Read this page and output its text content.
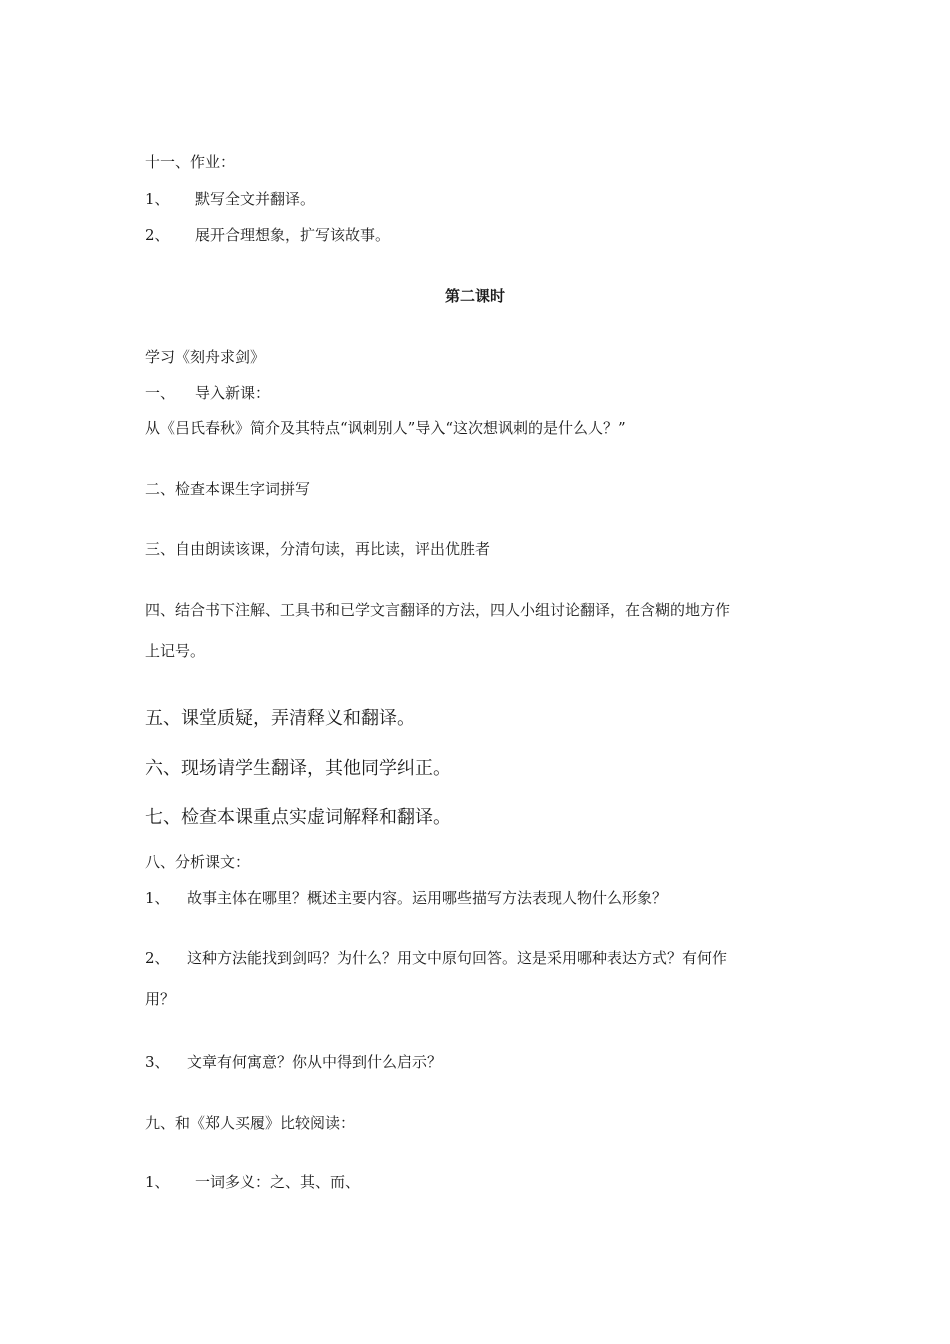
十一、作业：
1、 默写全文并翻译。
2、 展开合理想象，扩写该故事。
第二课时
学习《刻舟求剑》
一、 导入新课：
从《吕氏春秋》简介及其特点“讽刺别人”导入“这次想讽刺的是什么人？”
二、检查本课生字词拼写
三、自由朗读该课，分清句读，再比读，评出优胜者
四、结合书下注解、工具书和已学文言翻译的方法，四人小组讨论翻译，在含糊的地方作
上记号。
五、课堂质疑，弄清释义和翻译。
六、现场请学生翻译，其他同学纠正。
七、检查本课重点实虚词解释和翻译。
八、分析课文：
1、 故事主体在哪里？概述主要内容。运用哪些描写方法表现人物什么形象？
2、 这种方法能找到剑吗？为什么？用文中原句回答。这是采用哪种表达方式？有何作
用？
3、 文章有何寓意？你从中得到什么启示？
九、和《郑人买履》比较阅读：
1、 一词多义：之、其、而、
